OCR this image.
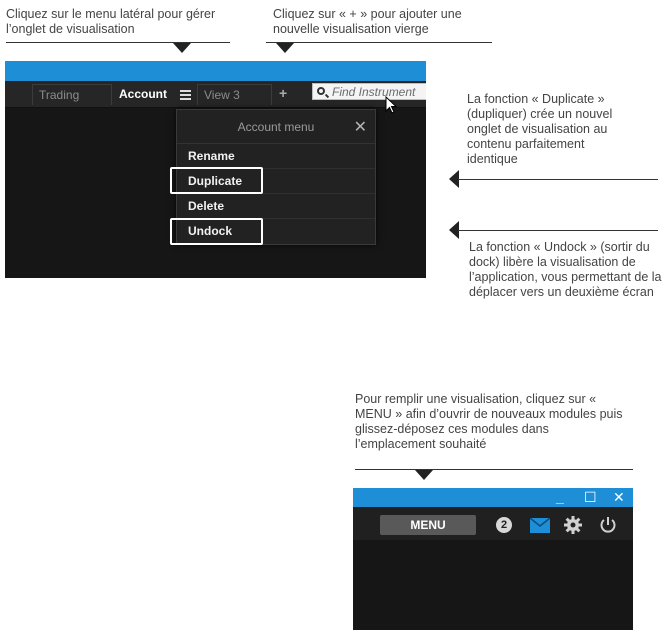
Cliquez sur le menu latéral pour gérer l’onglet de visualisation
Cliquez sur « + » pour ajouter une nouvelle visualisation vierge
Trading	Account	View 3	+	Find Instrument
Account menu	✕
Rename
Duplicate
Delete
Undock
La fonction « Duplicate » (dupliquer) crée un nouvel onglet de visualisation au contenu parfaitement identique
La fonction « Undock » (sortir du dock) libère la visualisation de l’application, vous permettant de la déplacer vers un deuxième écran
Pour remplir une visualisation, cliquez sur « MENU » afin d’ouvrir de nouveaux modules puis glissez-déposez ces modules dans l’emplacement souhaité
_ ☐ ✕
MENU	2
